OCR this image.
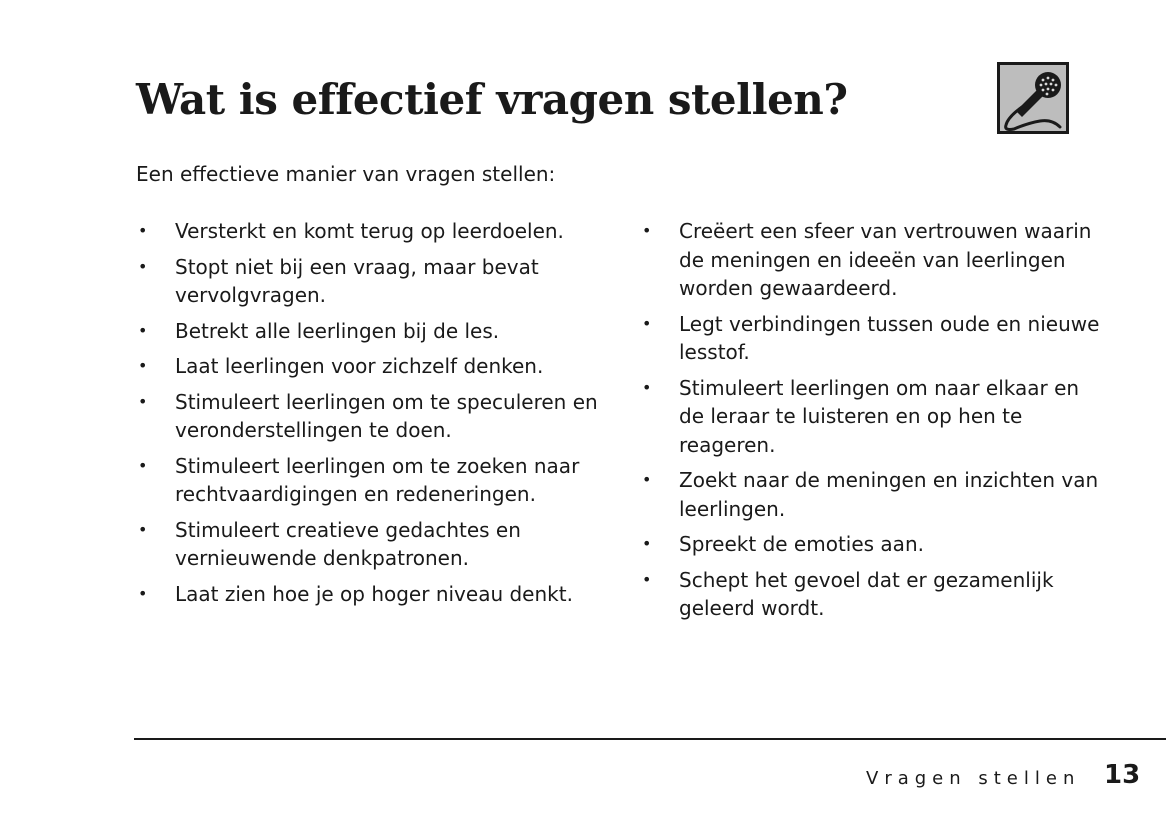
Wat is effectief vragen stellen?
Een effectieve manier van vragen stellen:
• Versterkt en komt terug op leerdoelen.
• Stopt niet bij een vraag, maar bevat vervolgvragen.
• Betrekt alle leerlingen bij de les.
• Laat leerlingen voor zichzelf denken.
• Stimuleert leerlingen om te speculeren en veronderstellingen te doen.
• Stimuleert leerlingen om te zoeken naar rechtvaardigingen en redeneringen.
• Stimuleert creatieve gedachtes en vernieuwende denkpatronen.
• Laat zien hoe je op hoger niveau denkt.
• Creëert een sfeer van vertrouwen waarin de meningen en ideeën van leerlingen worden gewaardeerd.
• Legt verbindingen tussen oude en nieuwe lesstof.
• Stimuleert leerlingen om naar elkaar en de leraar te luisteren en op hen te reageren.
• Zoekt naar de meningen en inzichten van leerlingen.
• Spreekt de emoties aan.
• Schept het gevoel dat er gezamenlijk geleerd wordt.
Vragen stellen 13
